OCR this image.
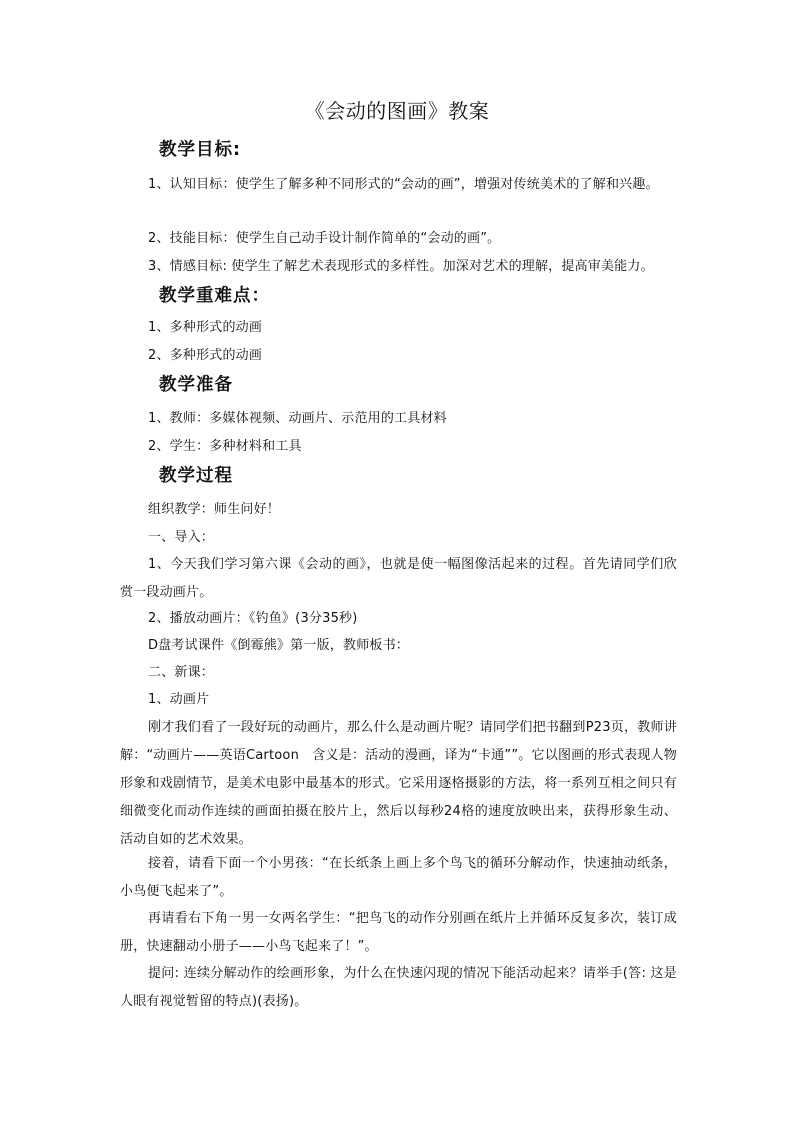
《会动的图画》教案
教学目标:
1、认知目标：使学生了解多种不同形式的“会动的画”，增强对传统美术的了解和兴趣。
2、技能目标：使学生自己动手设计制作简单的“会动的画”。
3、情感目标: 使学生了解艺术表现形式的多样性。加深对艺术的理解，提高审美能力。
教学重难点：
1、多种形式的动画
2、多种形式的动画
教学准备
1、教师：多媒体视频、动画片、示范用的工具材料
2、学生：多种材料和工具
教学过程
组织教学：师生问好！
一、导入：
1、今天我们学习第六课《会动的画》，也就是使一幅图像活起来的过程。首先请同学们欣赏一段动画片。
2、播放动画片：《钓鱼》(3分35秒)
D盘考试课件《倒霉熊》第一版，教师板书：
二、新课：
1、动画片
刚才我们看了一段好玩的动画片，那么什么是动画片呢？请同学们把书翻到P23页，教师讲解：“动画片——英语Cartoon　含义是：活动的漫画，译为“卡通””。它以图画的形式表现人物形象和戏剧情节，是美术电影中最基本的形式。它采用逐格摄影的方法，将一系列互相之间只有细微变化而动作连续的画面拍摄在胶片上，然后以每秒24格的速度放映出来，获得形象生动、活动自如的艺术效果。
接着，请看下面一个小男孩：“在长纸条上画上多个鸟飞的循环分解动作，快速抽动纸条，小鸟便飞起来了”。
再请看右下角一男一女两名学生：“把鸟飞的动作分别画在纸片上并循环反复多次，装订成册，快速翻动小册子——小鸟飞起来了！”。
提问: 连续分解动作的绘画形象，为什么在快速闪现的情况下能活动起来？请举手(答: 这是人眼有视觉暂留的特点)(表扬)。
